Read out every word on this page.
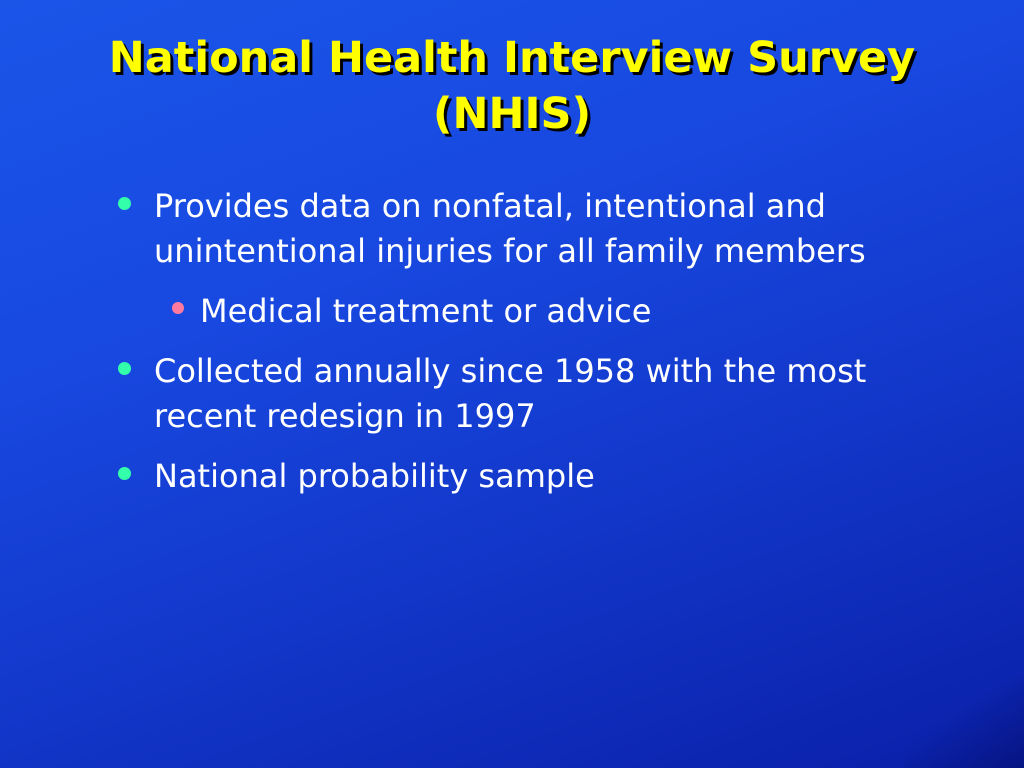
National Health Interview Survey
(NHIS)
Provides data on nonfatal, intentional and unintentional injuries for all family members
Medical treatment or advice
Collected annually since 1958 with the most recent redesign in 1997
National probability sample
